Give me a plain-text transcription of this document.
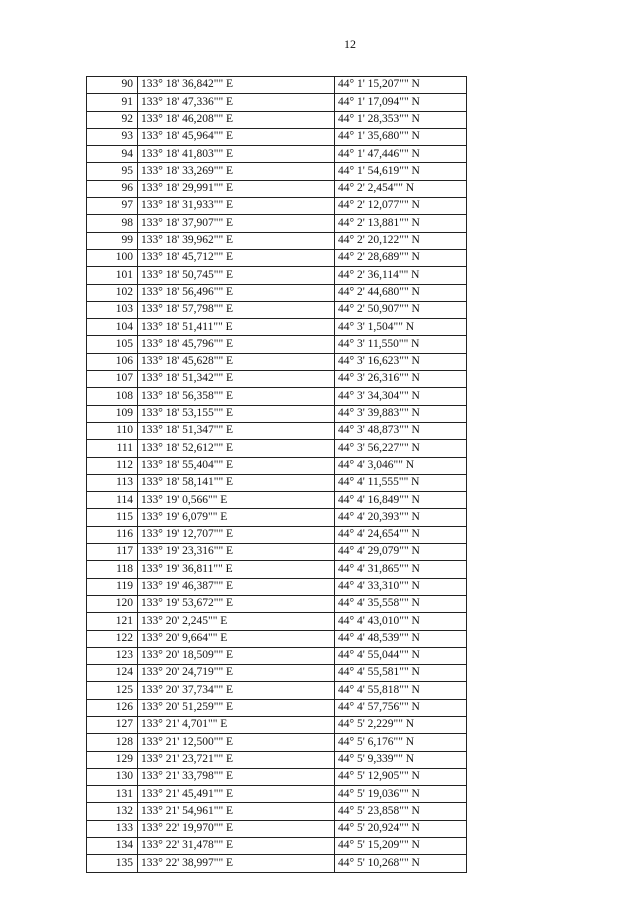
12
90	133° 18' 36,842"" E	44° 1' 15,207"" N
91	133° 18' 47,336"" E	44° 1' 17,094"" N
92	133° 18' 46,208"" E	44° 1' 28,353"" N
93	133° 18' 45,964"" E	44° 1' 35,680"" N
94	133° 18' 41,803"" E	44° 1' 47,446"" N
95	133° 18' 33,269"" E	44° 1' 54,619"" N
96	133° 18' 29,991"" E	44° 2' 2,454"" N
97	133° 18' 31,933"" E	44° 2' 12,077"" N
98	133° 18' 37,907"" E	44° 2' 13,881"" N
99	133° 18' 39,962"" E	44° 2' 20,122"" N
100	133° 18' 45,712"" E	44° 2' 28,689"" N
101	133° 18' 50,745"" E	44° 2' 36,114"" N
102	133° 18' 56,496"" E	44° 2' 44,680"" N
103	133° 18' 57,798"" E	44° 2' 50,907"" N
104	133° 18' 51,411"" E	44° 3' 1,504"" N
105	133° 18' 45,796"" E	44° 3' 11,550"" N
106	133° 18' 45,628"" E	44° 3' 16,623"" N
107	133° 18' 51,342"" E	44° 3' 26,316"" N
108	133° 18' 56,358"" E	44° 3' 34,304"" N
109	133° 18' 53,155"" E	44° 3' 39,883"" N
110	133° 18' 51,347"" E	44° 3' 48,873"" N
111	133° 18' 52,612"" E	44° 3' 56,227"" N
112	133° 18' 55,404"" E	44° 4' 3,046"" N
113	133° 18' 58,141"" E	44° 4' 11,555"" N
114	133° 19' 0,566"" E	44° 4' 16,849"" N
115	133° 19' 6,079"" E	44° 4' 20,393"" N
116	133° 19' 12,707"" E	44° 4' 24,654"" N
117	133° 19' 23,316"" E	44° 4' 29,079"" N
118	133° 19' 36,811"" E	44° 4' 31,865"" N
119	133° 19' 46,387"" E	44° 4' 33,310"" N
120	133° 19' 53,672"" E	44° 4' 35,558"" N
121	133° 20' 2,245"" E	44° 4' 43,010"" N
122	133° 20' 9,664"" E	44° 4' 48,539"" N
123	133° 20' 18,509"" E	44° 4' 55,044"" N
124	133° 20' 24,719"" E	44° 4' 55,581"" N
125	133° 20' 37,734"" E	44° 4' 55,818"" N
126	133° 20' 51,259"" E	44° 4' 57,756"" N
127	133° 21' 4,701"" E	44° 5' 2,229"" N
128	133° 21' 12,500"" E	44° 5' 6,176"" N
129	133° 21' 23,721"" E	44° 5' 9,339"" N
130	133° 21' 33,798"" E	44° 5' 12,905"" N
131	133° 21' 45,491"" E	44° 5' 19,036"" N
132	133° 21' 54,961"" E	44° 5' 23,858"" N
133	133° 22' 19,970"" E	44° 5' 20,924"" N
134	133° 22' 31,478"" E	44° 5' 15,209"" N
135	133° 22' 38,997"" E	44° 5' 10,268"" N
